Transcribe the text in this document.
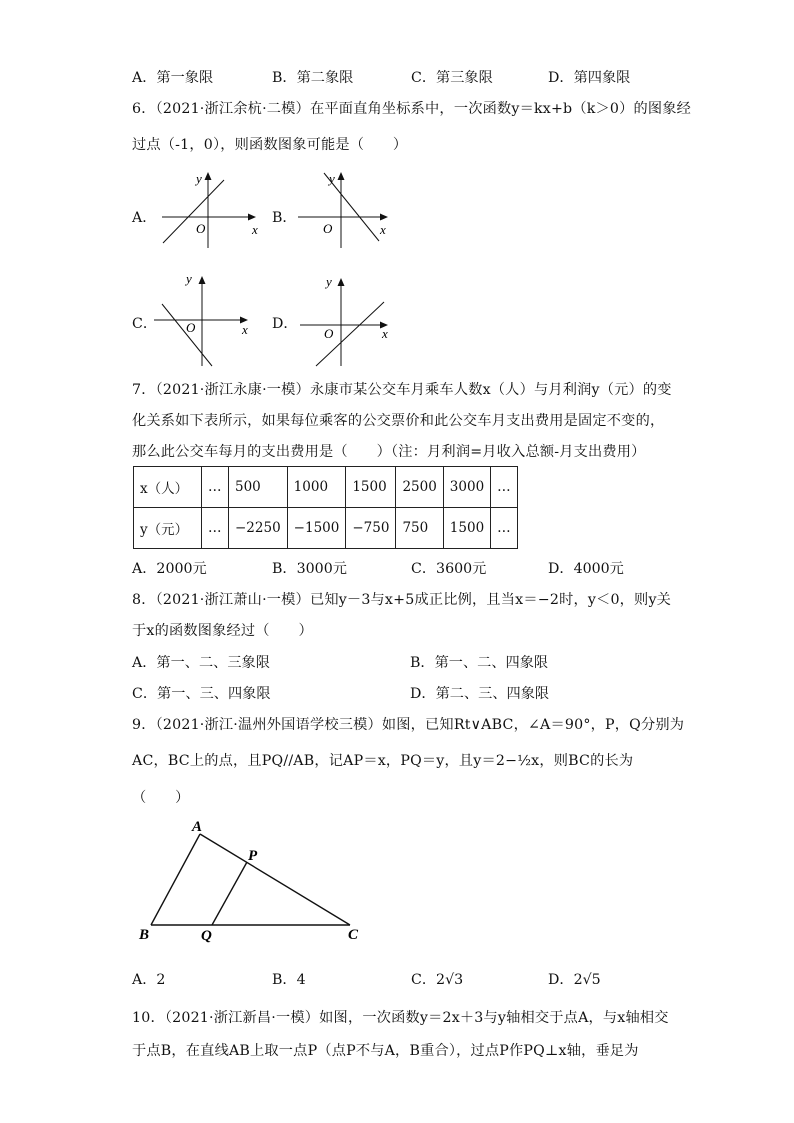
A．第一象限	B．第二象限	C．第三象限	D．第四象限
6．（2021·浙江余杭·二模）在平面直角坐标系中，一次函数y＝kx+b（k＞0）的图象经
过点（-1，0），则函数图象可能是（　　）
A．	B．
C．	D．
y
x
O
y
x
O
y
x
O
y
x
O
7．（2021·浙江永康·一模）永康市某公交车月乘车人数x（人）与月利润y（元）的变
化关系如下表所示，如果每位乘客的公交票价和此公交车月支出费用是固定不变的，
那么此公交车每月的支出费用是（　　）（注：月利润=月收入总额-月支出费用）
x（人）	…	500	1000	1500	2500	3000	…
y（元）	…	−2250	−1500	−750	750	1500	…
A．2000元	B．3000元	C．3600元	D．4000元
8．（2021·浙江萧山·一模）已知y－3与x+5成正比例，且当x＝−2时，y＜0，则y关
于x的函数图象经过（　　）
A．第一、二、三象限	B．第一、二、四象限
C．第一、三、四象限	D．第二、三、四象限
9．（2021·浙江·温州外国语学校三模）如图，已知Rt∨ABC，∠A＝90°，P，Q分别为
AC，BC上的点，且PQ//AB，记AP＝x，PQ＝y，且y＝2−½x，则BC的长为
（　　）
A
P
B	Q	C
A．2	B．4	C．2√3	D．2√5
10．（2021·浙江新昌·一模）如图，一次函数y＝2x＋3与y轴相交于点A，与x轴相交
于点B，在直线AB上取一点P（点P不与A，B重合），过点P作PQ⊥x轴，垂足为
